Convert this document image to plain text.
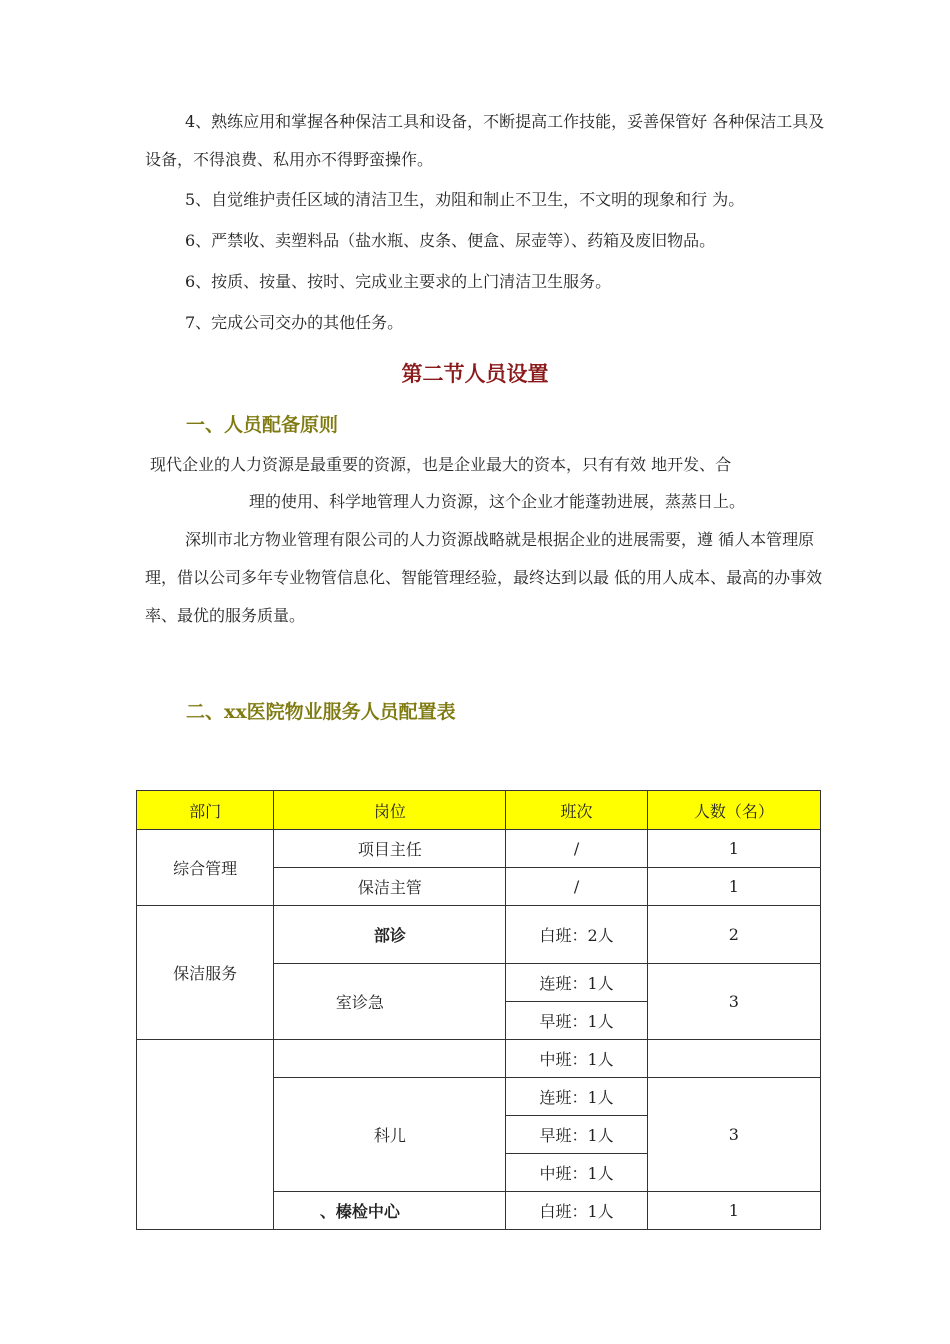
4、熟练应用和掌握各种保洁工具和设备，不断提高工作技能，妥善保管好 各种保洁工具及设备，不得浪费、私用亦不得野蛮操作。

5、自觉维护责任区域的清洁卫生，劝阻和制止不卫生，不文明的现象和行 为。

6、严禁收、卖塑料品（盐水瓶、皮条、便盒、尿壶等）、药箱及废旧物品。

6、按质、按量、按时、完成业主要求的上门清洁卫生服务。

7、完成公司交办的其他任务。

第二节人员设置
一、人员配备原则

现代企业的人力资源是最重要的资源，也是企业最大的资本，只有有效 地开发、合

理的使用、科学地管理人力资源，这个企业才能蓬勃进展，蒸蒸日上。

深圳市北方物业管理有限公司的人力资源战略就是根据企业的进展需要，遵 循人本管理原理，借以公司多年专业物管信息化、智能管理经验，最终达到以最 低的用人成本、最高的办事效率、最优的服务质量。

二、xx医院物业服务人员配置表
部门	岗位	班次	人数（名）
综合管理	项目主任	/	1
	保洁主管	/	1
保洁服务	部诊	白班：2人	2
	室诊急	连班：1人	3
		早班：1人	
		中班：1人	
	科儿	连班：1人	3
		早班：1人	
		中班：1人	
	、榛检中心	白班：1人	1
